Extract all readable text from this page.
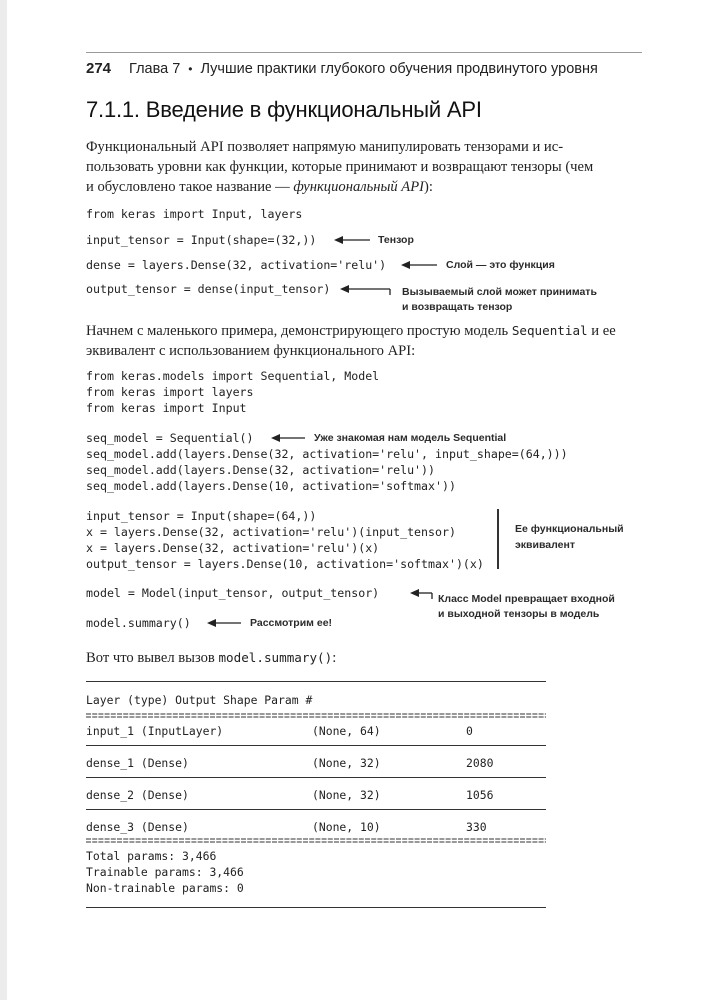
274 Глава 7 • Лучшие практики глубокого обучения продвинутого уровня
7.1.1. Введение в функциональный API
Функциональный API позволяет напрямую манипулировать тензорами и ис-
пользовать уровни как функции, которые принимают и возвращают тензоры (чем
и обусловлено такое название — функциональный API):
from keras import Input, layers
input_tensor = Input(shape=(32,))
dense = layers.Dense(32, activation='relu')
output_tensor = dense(input_tensor)
Тензор
Слой — это функция
Вызываемый слой может принимать
и возвращать тензор
Начнем с маленького примера, демонстрирующего простую модель Sequential и ее
эквивалент с использованием функционального API:
from keras.models import Sequential, Model
from keras import layers
from keras import Input
seq_model = Sequential()
seq_model.add(layers.Dense(32, activation='relu', input_shape=(64,)))
seq_model.add(layers.Dense(32, activation='relu'))
seq_model.add(layers.Dense(10, activation='softmax'))
Уже знакомая нам модель Sequential
input_tensor = Input(shape=(64,))
x = layers.Dense(32, activation='relu')(input_tensor)
x = layers.Dense(32, activation='relu')(x)
output_tensor = layers.Dense(10, activation='softmax')(x)
Ее функциональный
эквивалент
model = Model(input_tensor, output_tensor)
model.summary()
Класс Model превращает входной
и выходной тензоры в модель
Рассмотрим ее!
Вот что вывел вызов model.summary():
Layer (type) Output Shape Param #
input_1 (InputLayer)	(None, 64)	0
dense_1 (Dense)	(None, 32)	2080
dense_2 (Dense)	(None, 32)	1056
dense_3 (Dense)	(None, 10)	330
Total params: 3,466
Trainable params: 3,466
Non-trainable params: 0
